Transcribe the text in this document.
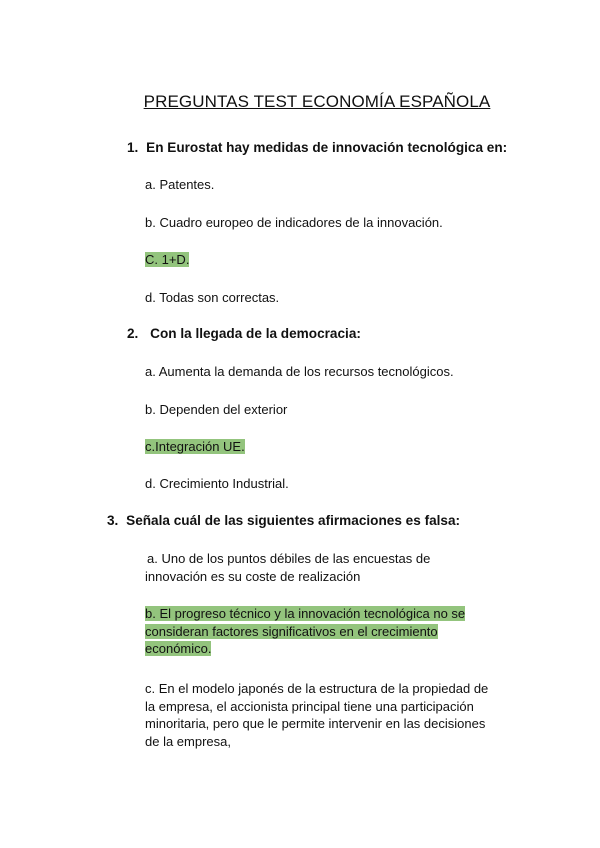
PREGUNTAS TEST ECONOMÍA ESPAÑOLA
1. En Eurostat hay medidas de innovación tecnológica en:
a. Patentes.
b. Cuadro europeo de indicadores de la innovación.
C. 1+D.
d. Todas son correctas.
2. Con la llegada de la democracia:
a. Aumenta la demanda de los recursos tecnológicos.
b. Dependen del exterior
c.Integración UE.
d. Crecimiento Industrial.
3. Señala cuál de las siguientes afirmaciones es falsa:
a. Uno de los puntos débiles de las encuestas de
innovación es su coste de realización
b. El progreso técnico y la innovación tecnológica no se
consideran factores significativos en el crecimiento
económico.
c. En el modelo japonés de la estructura de la propiedad de
la empresa, el accionista principal tiene una participación
minoritaria, pero que le permite intervenir en las decisiones
de la empresa,
